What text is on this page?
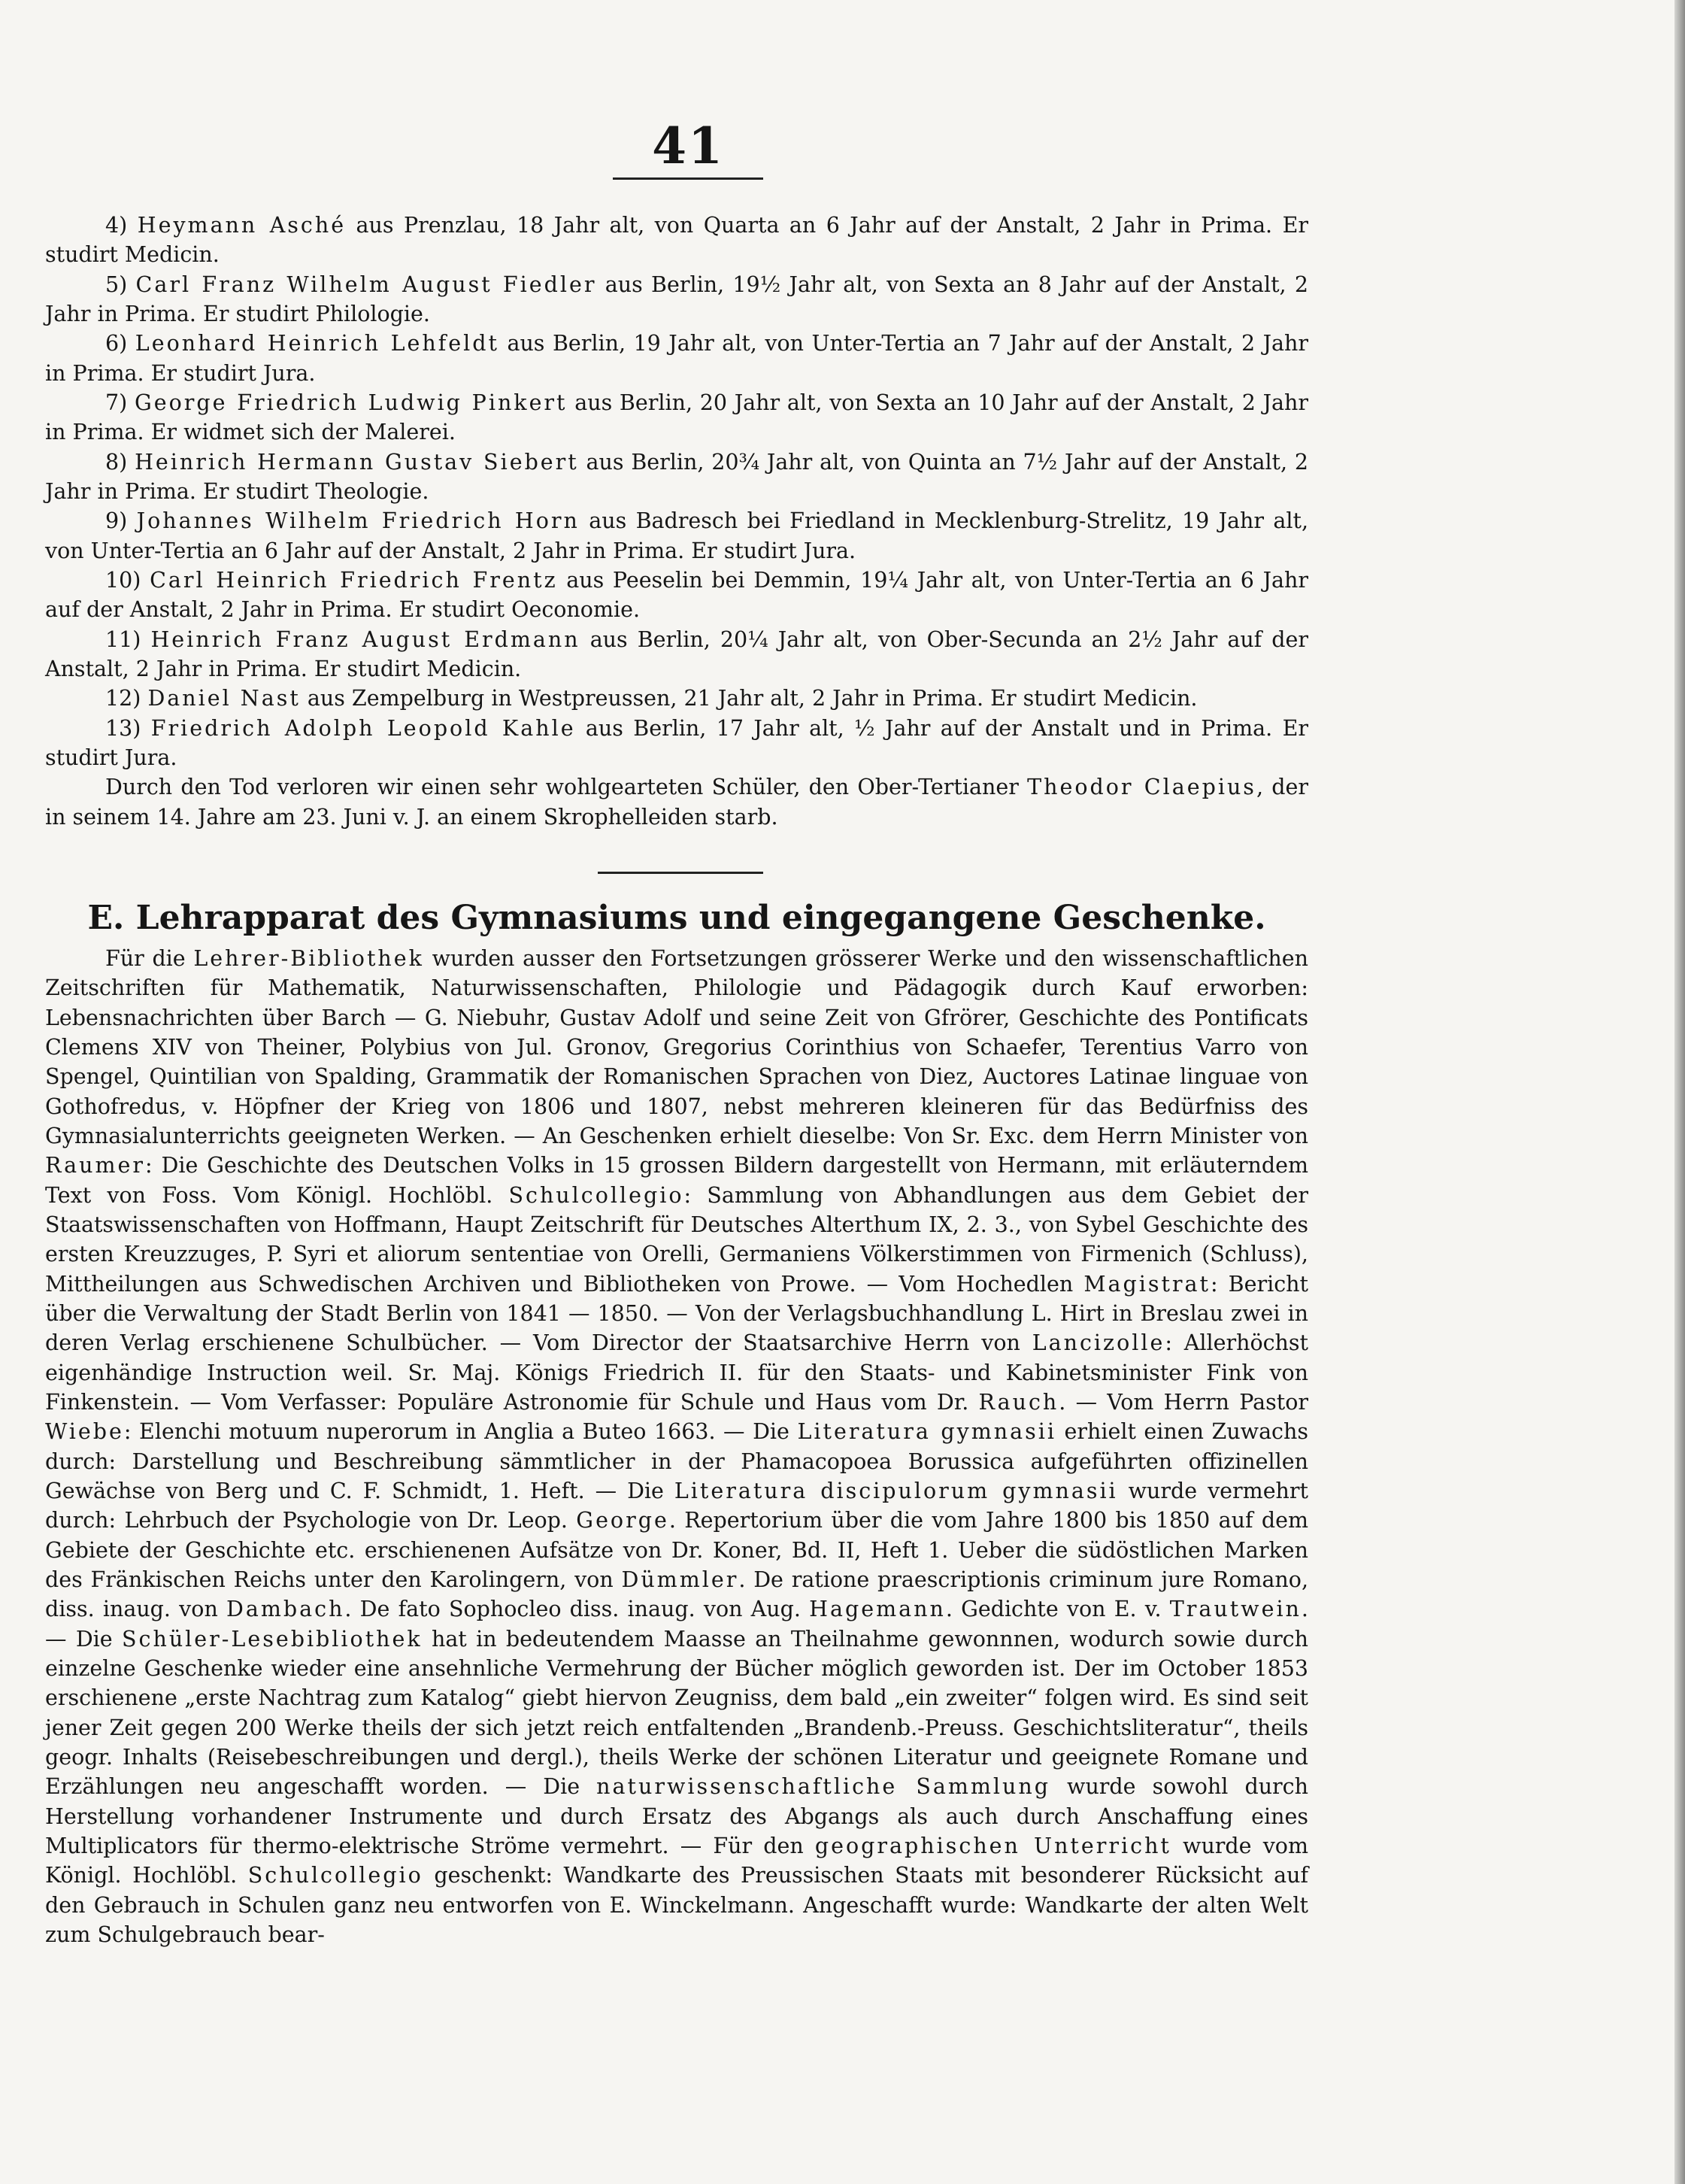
41

4) Heymann Asché aus Prenzlau, 18 Jahr alt, von Quarta an 6 Jahr auf der Anstalt, 2 Jahr in Prima. Er studirt Medicin.

5) Carl Franz Wilhelm August Fiedler aus Berlin, 19½ Jahr alt, von Sexta an 8 Jahr auf der Anstalt, 2 Jahr in Prima. Er studirt Philologie.

6) Leonhard Heinrich Lehfeldt aus Berlin, 19 Jahr alt, von Unter-Tertia an 7 Jahr auf der Anstalt, 2 Jahr in Prima. Er studirt Jura.

7) George Friedrich Ludwig Pinkert aus Berlin, 20 Jahr alt, von Sexta an 10 Jahr auf der Anstalt, 2 Jahr in Prima. Er widmet sich der Malerei.

8) Heinrich Hermann Gustav Siebert aus Berlin, 20¾ Jahr alt, von Quinta an 7½ Jahr auf der Anstalt, 2 Jahr in Prima. Er studirt Theologie.

9) Johannes Wilhelm Friedrich Horn aus Badresch bei Friedland in Mecklenburg-Strelitz, 19 Jahr alt, von Unter-Tertia an 6 Jahr auf der Anstalt, 2 Jahr in Prima. Er studirt Jura.

10) Carl Heinrich Friedrich Frentz aus Peeselin bei Demmin, 19¼ Jahr alt, von Unter-Tertia an 6 Jahr auf der Anstalt, 2 Jahr in Prima. Er studirt Oeconomie.

11) Heinrich Franz August Erdmann aus Berlin, 20¼ Jahr alt, von Ober-Secunda an 2½ Jahr auf der Anstalt, 2 Jahr in Prima. Er studirt Medicin.

12) Daniel Nast aus Zempelburg in Westpreussen, 21 Jahr alt, 2 Jahr in Prima. Er studirt Medicin.

13) Friedrich Adolph Leopold Kahle aus Berlin, 17 Jahr alt, ½ Jahr auf der Anstalt und in Prima. Er studirt Jura.

Durch den Tod verloren wir einen sehr wohlgearteten Schüler, den Ober-Tertianer Theodor Claepius, der in seinem 14. Jahre am 23. Juni v. J. an einem Skrophelleiden starb.

E. Lehrapparat des Gymnasiums und eingegangene Geschenke.

Für die Lehrer-Bibliothek wurden ausser den Fortsetzungen grösserer Werke und den wissenschaftlichen Zeitschriften für Mathematik, Naturwissenschaften, Philologie und Pädagogik durch Kauf erworben: Lebensnachrichten über Barch — G. Niebuhr, Gustav Adolf und seine Zeit von Gfrörer, Geschichte des Pontificats Clemens XIV von Theiner, Polybius von Jul. Gronov, Gregorius Corinthius von Schaefer, Terentius Varro von Spengel, Quintilian von Spalding, Grammatik der Romanischen Sprachen von Diez, Auctores Latinae linguae von Gothofredus, v. Höpfner der Krieg von 1806 und 1807, nebst mehreren kleineren für das Bedürfniss des Gymnasialunterrichts geeigneten Werken. — An Geschenken erhielt dieselbe: Von Sr. Exc. dem Herrn Minister von Raumer: Die Geschichte des Deutschen Volks in 15 grossen Bildern dargestellt von Hermann, mit erläuterndem Text von Foss. Vom Königl. Hochlöbl. Schulcollegio: Sammlung von Abhandlungen aus dem Gebiet der Staatswissenschaften von Hoffmann, Haupt Zeitschrift für Deutsches Alterthum IX, 2. 3., von Sybel Geschichte des ersten Kreuzzuges, P. Syri et aliorum sententiae von Orelli, Germaniens Völkerstimmen von Firmenich (Schluss), Mittheilungen aus Schwedischen Archiven und Bibliotheken von Prowe. — Vom Hochedlen Magistrat: Bericht über die Verwaltung der Stadt Berlin von 1841 — 1850. — Von der Verlagsbuchhandlung L. Hirt in Breslau zwei in deren Verlag erschienene Schulbücher. — Vom Director der Staatsarchive Herrn von Lancizolle: Allerhöchst eigenhändige Instruction weil. Sr. Maj. Königs Friedrich II. für den Staats- und Kabinetsminister Fink von Finkenstein. — Vom Verfasser: Populäre Astronomie für Schule und Haus vom Dr. Rauch. — Vom Herrn Pastor Wiebe: Elenchi motuum nuperorum in Anglia a Buteo 1663. — Die Literatura gymnasii erhielt einen Zuwachs durch: Darstellung und Beschreibung sämmtlicher in der Phamacopoea Borussica aufgeführten offizinellen Gewächse von Berg und C. F. Schmidt, 1. Heft. — Die Literatura discipulorum gymnasii wurde vermehrt durch: Lehrbuch der Psychologie von Dr. Leop. George. Repertorium über die vom Jahre 1800 bis 1850 auf dem Gebiete der Geschichte etc. erschienenen Aufsätze von Dr. Koner, Bd. II, Heft 1. Ueber die südöstlichen Marken des Fränkischen Reichs unter den Karolingern, von Dümmler. De ratione praescriptionis criminum jure Romano, diss. inaug. von Dambach. De fato Sophocleo diss. inaug. von Aug. Hagemann. Gedichte von E. v. Trautwein. — Die Schüler-Lesebibliothek hat in bedeutendem Maasse an Theilnahme gewonnnen, wodurch sowie durch einzelne Geschenke wieder eine ansehnliche Vermehrung der Bücher möglich geworden ist. Der im October 1853 erschienene „erste Nachtrag zum Katalog“ giebt hiervon Zeugniss, dem bald „ein zweiter“ folgen wird. Es sind seit jener Zeit gegen 200 Werke theils der sich jetzt reich entfaltenden „Brandenb.-Preuss. Geschichtsliteratur“, theils geogr. Inhalts (Reisebeschreibungen und dergl.), theils Werke der schönen Literatur und geeignete Romane und Erzählungen neu angeschafft worden. — Die naturwissenschaftliche Sammlung wurde sowohl durch Herstellung vorhandener Instrumente und durch Ersatz des Abgangs als auch durch Anschaffung eines Multiplicators für thermo-elektrische Ströme vermehrt. — Für den geographischen Unterricht wurde vom Königl. Hochlöbl. Schulcollegio geschenkt: Wandkarte des Preussischen Staats mit besonderer Rücksicht auf den Gebrauch in Schulen ganz neu entworfen von E. Winckelmann. Angeschafft wurde: Wandkarte der alten Welt zum Schulgebrauch bear-
